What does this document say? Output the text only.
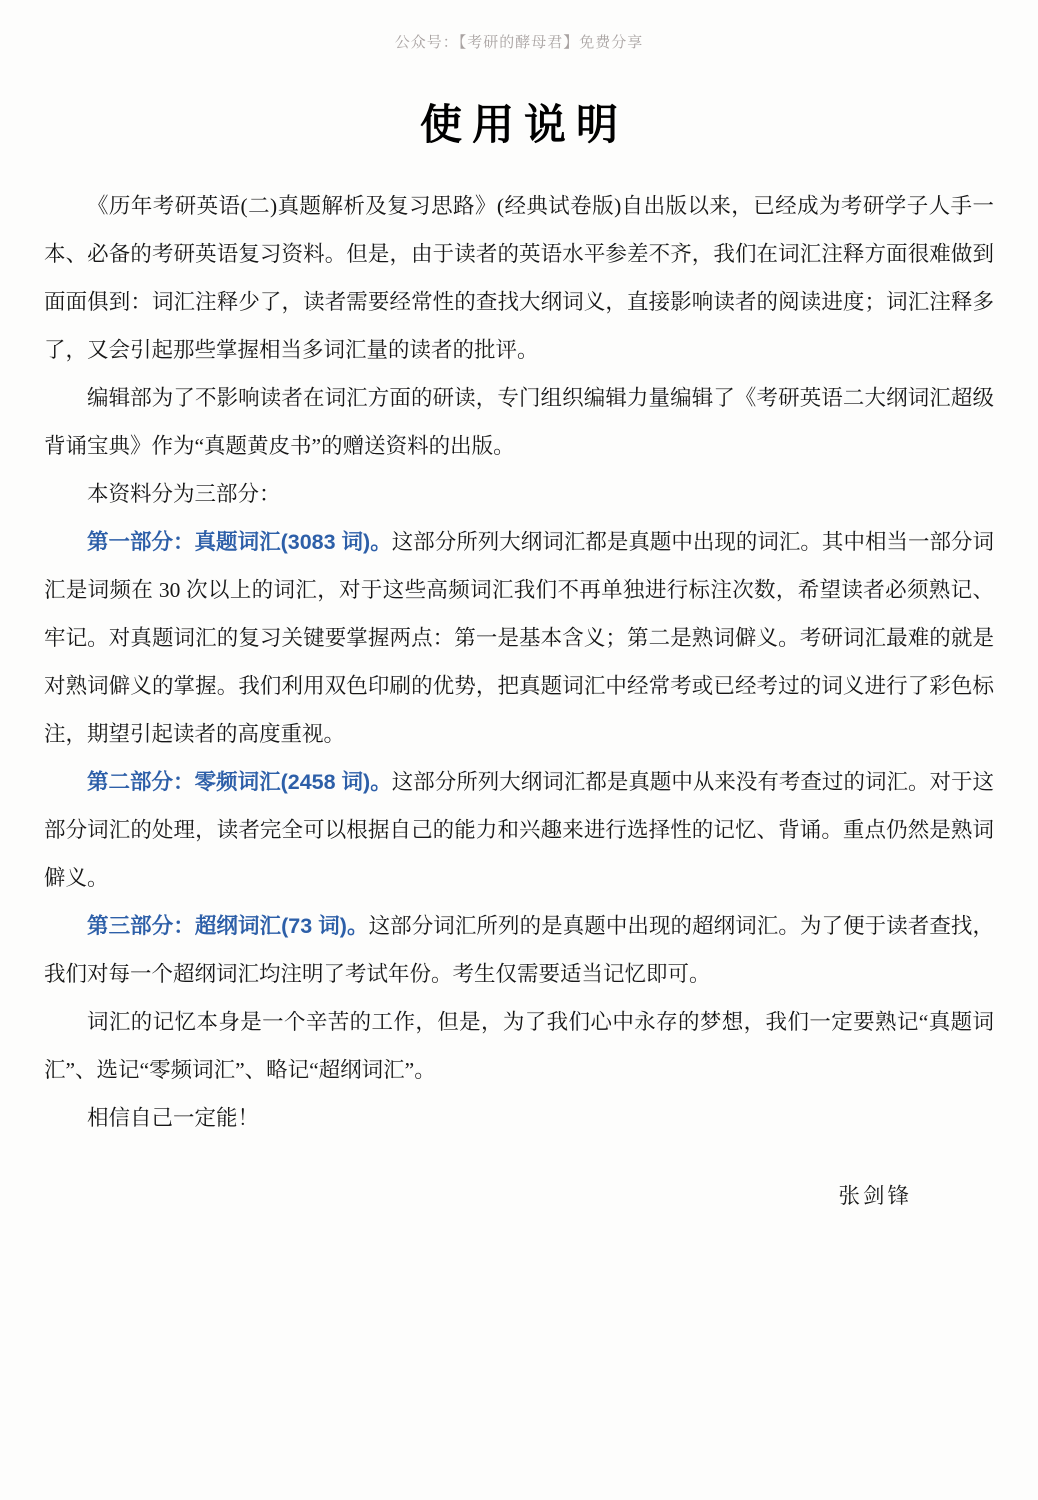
公众号：【考研的酵母君】免费分享
使用说明

《历年考研英语(二)真题解析及复习思路》(经典试卷版)自出版以来，已经成为考研学子人手一本、必备的考研英语复习资料。但是，由于读者的英语水平参差不齐，我们在词汇注释方面很难做到面面俱到：词汇注释少了，读者需要经常性的查找大纲词义，直接影响读者的阅读进度；词汇注释多了，又会引起那些掌握相当多词汇量的读者的批评。

编辑部为了不影响读者在词汇方面的研读，专门组织编辑力量编辑了《考研英语二大纲词汇超级背诵宝典》作为“真题黄皮书”的赠送资料的出版。

本资料分为三部分：

第一部分：真题词汇(3083 词)。这部分所列大纲词汇都是真题中出现的词汇。其中相当一部分词汇是词频在 30 次以上的词汇，对于这些高频词汇我们不再单独进行标注次数，希望读者必须熟记、牢记。对真题词汇的复习关键要掌握两点：第一是基本含义；第二是熟词僻义。考研词汇最难的就是对熟词僻义的掌握。我们利用双色印刷的优势，把真题词汇中经常考或已经考过的词义进行了彩色标注，期望引起读者的高度重视。

第二部分：零频词汇(2458 词)。这部分所列大纲词汇都是真题中从来没有考查过的词汇。对于这部分词汇的处理，读者完全可以根据自己的能力和兴趣来进行选择性的记忆、背诵。重点仍然是熟词僻义。

第三部分：超纲词汇(73 词)。这部分词汇所列的是真题中出现的超纲词汇。为了便于读者查找，我们对每一个超纲词汇均注明了考试年份。考生仅需要适当记忆即可。

词汇的记忆本身是一个辛苦的工作，但是，为了我们心中永存的梦想，我们一定要熟记“真题词汇”、选记“零频词汇”、略记“超纲词汇”。

相信自己一定能！

张剑锋
